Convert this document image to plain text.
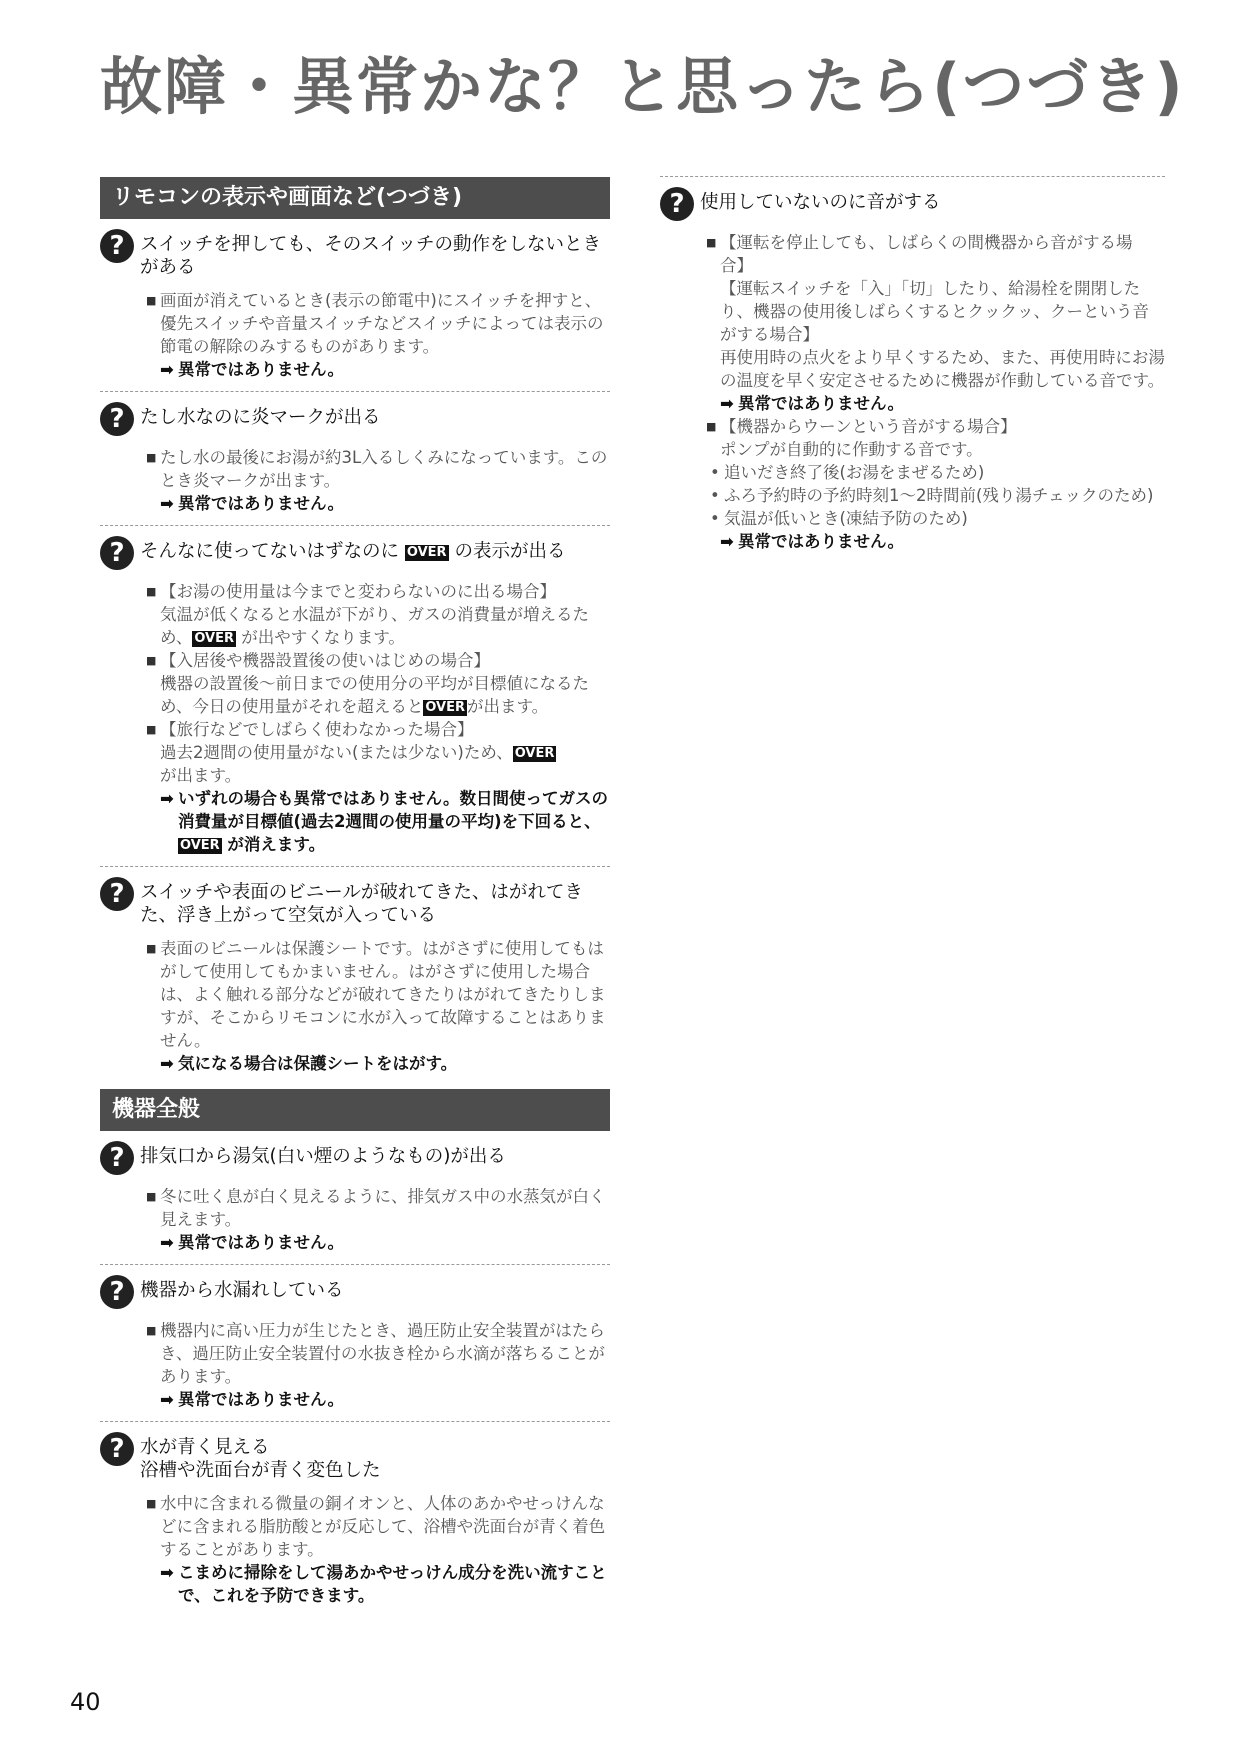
故障・異常かな？と思ったら(つづき)
リモコンの表示や画面など(つづき)
? スイッチを押しても、そのスイッチの動作をしないときがある
■ 画面が消えているとき(表示の節電中)にスイッチを押すと、優先スイッチや音量スイッチなどスイッチによっては表示の節電の解除のみするものがあります。
➡ 異常ではありません。
? たし水なのに炎マークが出る
■ たし水の最後にお湯が約3L入るしくみになっています。このとき炎マークが出ます。
➡ 異常ではありません。
? そんなに使ってないはずなのに OVER の表示が出る
■ 【お湯の使用量は今までと変わらないのに出る場合】
気温が低くなると水温が下がり、ガスの消費量が増えるため、 OVER が出やすくなります。
■ 【入居後や機器設置後の使いはじめの場合】
機器の設置後～前日までの使用分の平均が目標値になるため、今日の使用量がそれを超えると OVER が出ます。
■ 【旅行などでしばらく使わなかった場合】
過去2週間の使用量がない(または少ない)ため、 OVER
が出ます。
➡ いずれの場合も異常ではありません。数日間使ってガスの消費量が目標値(過去2週間の使用量の平均)を下回ると、OVER が消えます。
? スイッチや表面のビニールが破れてきた、はがれてきた、浮き上がって空気が入っている
■ 表面のビニールは保護シートです。はがさずに使用してもはがして使用してもかまいません。はがさずに使用した場合は、よく触れる部分などが破れてきたりはがれてきたりしますが、そこからリモコンに水が入って故障することはありません。
➡ 気になる場合は保護シートをはがす。
機器全般
? 排気口から湯気(白い煙のようなもの)が出る
■ 冬に吐く息が白く見えるように、排気ガス中の水蒸気が白く見えます。
➡ 異常ではありません。
? 機器から水漏れしている
■ 機器内に高い圧力が生じたとき、過圧防止安全装置がはたらき、過圧防止安全装置付の水抜き栓から水滴が落ちることがあります。
➡ 異常ではありません。
? 水が青く見える
浴槽や洗面台が青く変色した
■ 水中に含まれる微量の銅イオンと、人体のあかやせっけんなどに含まれる脂肪酸とが反応して、浴槽や洗面台が青く着色することがあります。
➡ こまめに掃除をして湯あかやせっけん成分を洗い流すことで、これを予防できます。
? 使用していないのに音がする
■ 【運転を停止しても、しばらくの間機器から音がする場合】
【運転スイッチを「入」「切」したり、給湯栓を開閉したり、機器の使用後しばらくするとクックッ、クーという音がする場合】
再使用時の点火をより早くするため、また、再使用時にお湯の温度を早く安定させるために機器が作動している音です。
➡ 異常ではありません。
■ 【機器からウーンという音がする場合】
ポンプが自動的に作動する音です。
• 追いだき終了後(お湯をまぜるため)
• ふろ予約時の予約時刻1～2時間前(残り湯チェックのため)
• 気温が低いとき(凍結予防のため)
➡ 異常ではありません。
40
